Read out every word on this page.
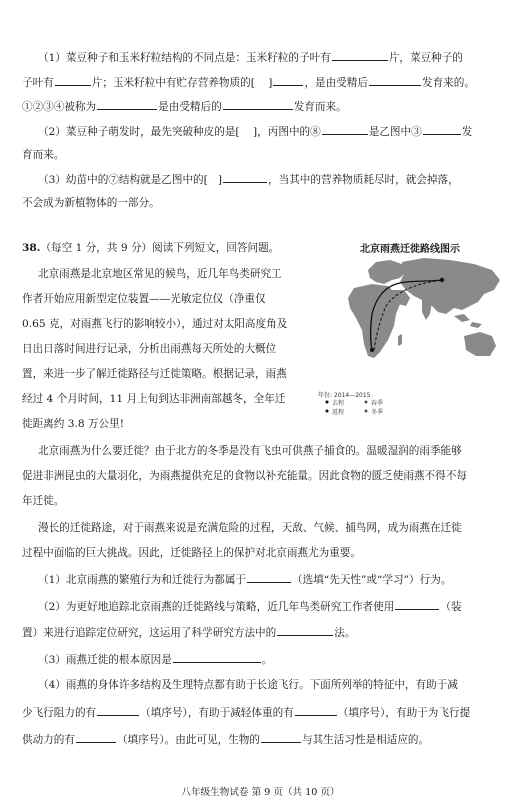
（1）菜豆种子和玉米籽粒结构的不同点是：玉米籽粒的子叶有	片，菜豆种子的
子叶有	片；玉米籽粒中有贮存营养物质的[    ]	，是由受精后	发育来的。
①②③④被称为	是由受精后的	发育而来。
（2）菜豆种子萌发时，最先突破种皮的是[ ]，丙图中的⑧	是乙图中③	发
育而来。
（3）幼苗中的⑦结构就是乙图中的[ ]	，当其中的营养物质耗尽时，就会掉落，
不会成为新植物体的一部分。
38.（每空 1 分，共 9 分）阅读下列短文，回答问题。
北京雨燕是北京地区常见的候鸟，近几年鸟类研究工
作者开始应用新型定位装置——光敏定位仪（净重仅
0.65 克，对雨燕飞行的影响较小），通过对太阳高度角及
日出日落时间进行记录，分析出雨燕每天所处的大概位
置，来进一步了解迁徙路径与迁徙策略。根据记录，雨燕
经过 4 个月时间，11 月上旬到达非洲南部越冬，全年迁
徙距离约 3.8 万公里!
北京雨燕迁徙路线图示
年份: 2014—2015
去程
返程
春季
冬季
北京雨燕为什么要迁徙？由于北方的冬季是没有飞虫可供燕子捕食的。温暖湿润的雨季能够
促进非洲昆虫的大量羽化，为雨燕提供充足的食物以补充能量。因此食物的匮乏使雨燕不得不每
年迁徙。
漫长的迁徙路途，对于雨燕来说是充满危险的过程，天敌、气候、捕鸟网，成为雨燕在迁徙
过程中面临的巨大挑战。因此，迁徙路径上的保护对北京雨燕尤为重要。
（1）北京雨燕的繁殖行为和迁徙行为都属于	（选填“先天性”或“学习”）行为。
（2）为更好地追踪北京雨燕的迁徙路线与策略，近几年鸟类研究工作者使用	（装
置）来进行追踪定位研究，这运用了科学研究方法中的	法。
（3）雨燕迁徙的根本原因是	。
（4）雨燕的身体许多结构及生理特点都有助于长途飞行。下面所列举的特征中，有助于减
少飞行阻力的有	（填序号），有助于减轻体重的有	（填序号），有助于为飞行提
供动力的有	（填序号）。由此可见，生物的	与其生活习性是相适应的。
八年级生物试卷 第 9 页（共 10 页）
